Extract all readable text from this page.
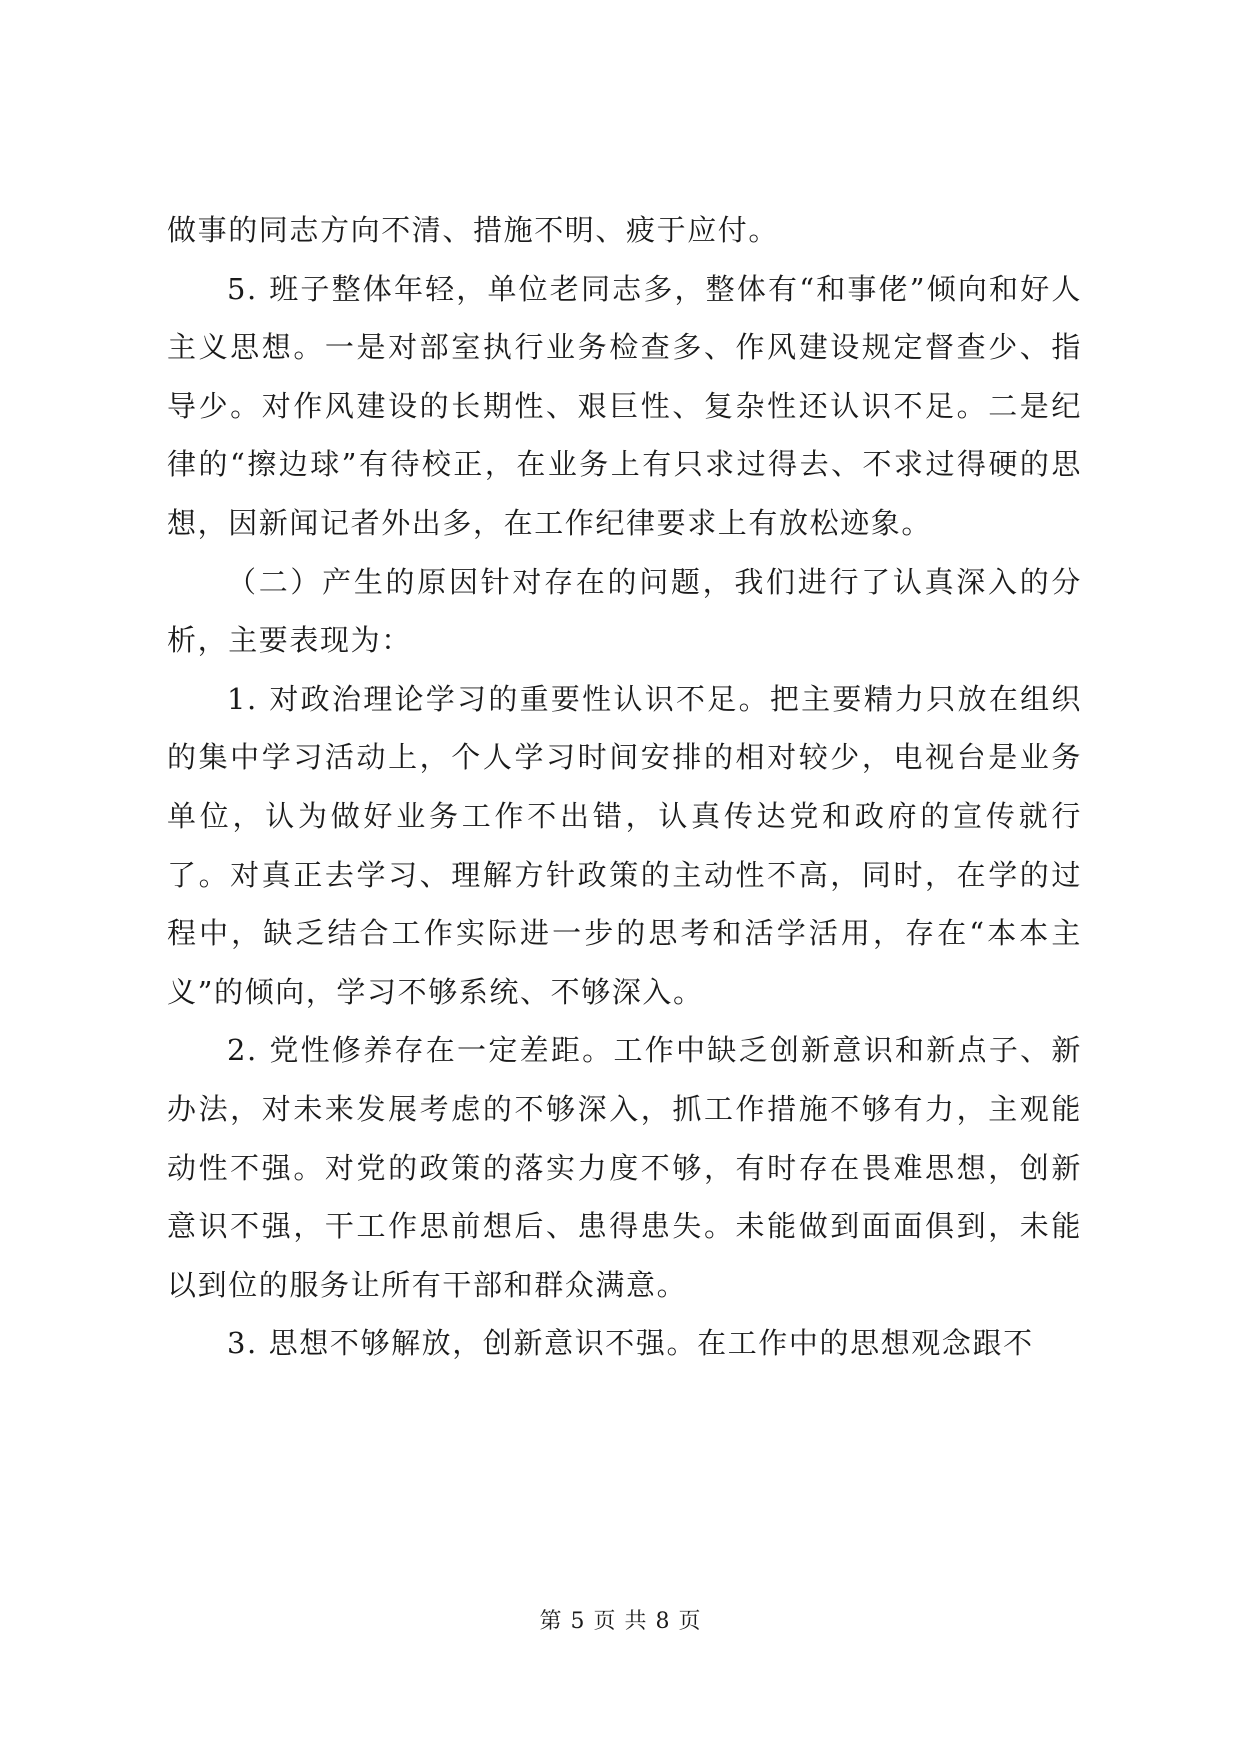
做事的同志方向不清、措施不明、疲于应付。

5. 班子整体年轻，单位老同志多，整体有“和事佬”倾向和好人主义思想。一是对部室执行业务检查多、作风建设规定督查少、指导少。对作风建设的长期性、艰巨性、复杂性还认识不足。二是纪律的“擦边球”有待校正，在业务上有只求过得去、不求过得硬的思想，因新闻记者外出多，在工作纪律要求上有放松迹象。

（二）产生的原因针对存在的问题，我们进行了认真深入的分析，主要表现为：

1. 对政治理论学习的重要性认识不足。把主要精力只放在组织的集中学习活动上，个人学习时间安排的相对较少，电视台是业务单位，认为做好业务工作不出错，认真传达党和政府的宣传就行了。对真正去学习、理解方针政策的主动性不高，同时，在学的过程中，缺乏结合工作实际进一步的思考和活学活用，存在“本本主义”的倾向，学习不够系统、不够深入。

2. 党性修养存在一定差距。工作中缺乏创新意识和新点子、新办法，对未来发展考虑的不够深入，抓工作措施不够有力，主观能动性不强。对党的政策的落实力度不够，有时存在畏难思想，创新意识不强，干工作思前想后、患得患失。未能做到面面俱到，未能以到位的服务让所有干部和群众满意。

3. 思想不够解放，创新意识不强。在工作中的思想观念跟不

第 5 页 共 8 页
